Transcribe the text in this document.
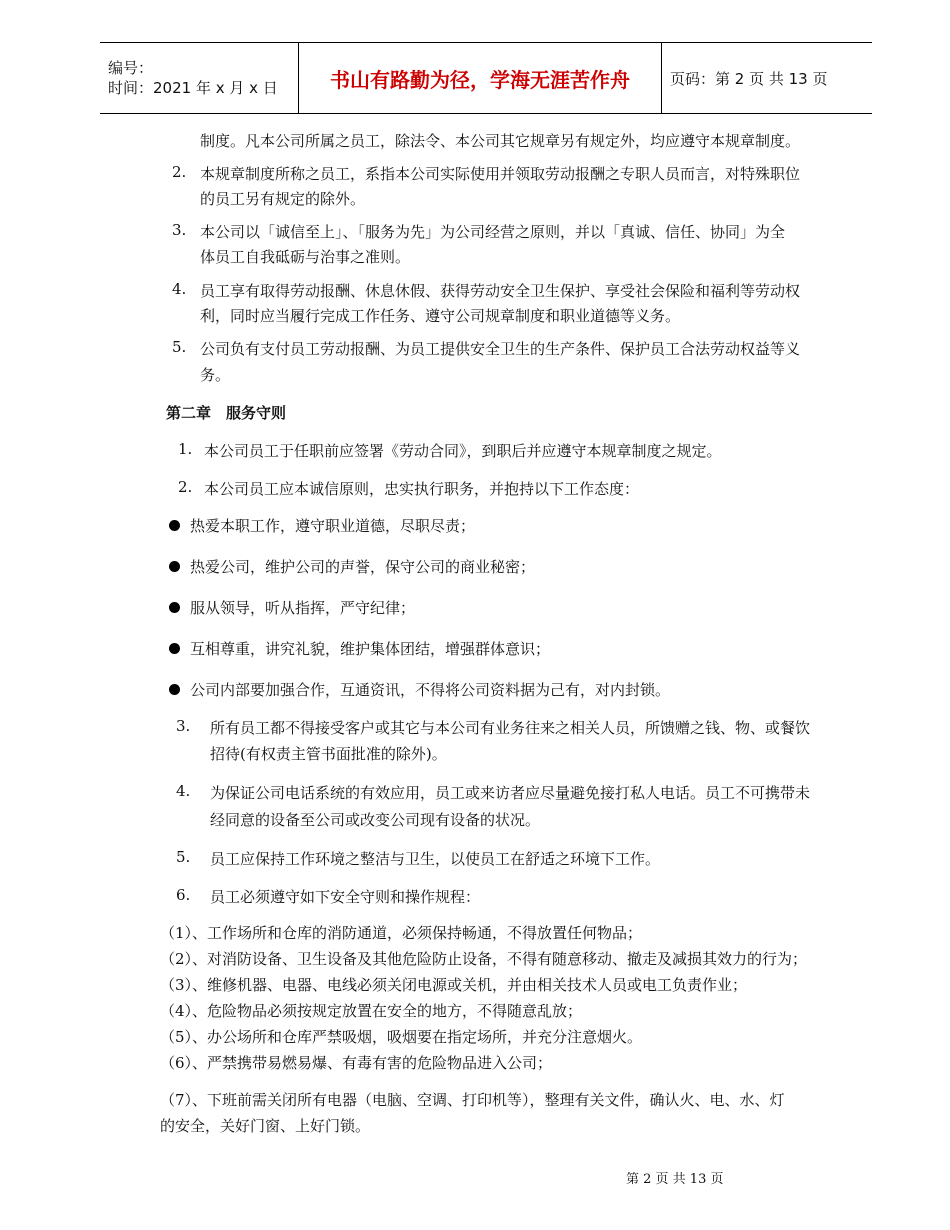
编号：
时间：2021 年 x 月 x 日	书山有路勤为径，学海无涯苦作舟	页码：第 2 页 共 13 页
制度。凡本公司所属之员工，除法令、本公司其它规章另有规定外，均应遵守本规章制度。
2. 本规章制度所称之员工，系指本公司实际使用并领取劳动报酬之专职人员而言，对特殊职位
的员工另有规定的除外。
3. 本公司以「诚信至上」、「服务为先」为公司经营之原则，并以「真诚、信任、协同」为全
体员工自我砥砺与治事之准则。
4. 员工享有取得劳动报酬、休息休假、获得劳动安全卫生保护、享受社会保险和福利等劳动权
利，同时应当履行完成工作任务、遵守公司规章制度和职业道德等义务。
5. 公司负有支付员工劳动报酬、为员工提供安全卫生的生产条件、保护员工合法劳动权益等义
务。
第二章　服务守则
1. 本公司员工于任职前应签署《劳动合同》，到职后并应遵守本规章制度之规定。
2. 本公司员工应本诚信原则，忠实执行职务，并抱持以下工作态度：
热爱本职工作，遵守职业道德，尽职尽责；
热爱公司，维护公司的声誉，保守公司的商业秘密；
服从领导，听从指挥，严守纪律；
互相尊重，讲究礼貌，维护集体团结，增强群体意识；
公司内部要加强合作，互通资讯，不得将公司资料据为己有，对内封锁。
3. 所有员工都不得接受客户或其它与本公司有业务往来之相关人员，所馈赠之钱、物、或餐饮
招待(有权责主管书面批准的除外)。
4. 为保证公司电话系统的有效应用，员工或来访者应尽量避免接打私人电话。员工不可携带未
经同意的设备至公司或改变公司现有设备的状况。
5. 员工应保持工作环境之整洁与卫生，以使员工在舒适之环境下工作。
6. 员工必须遵守如下安全守则和操作规程：
（1）、工作场所和仓库的消防通道，必须保持畅通，不得放置任何物品；
（2）、对消防设备、卫生设备及其他危险防止设备，不得有随意移动、撤走及减损其效力的行为；
（3）、维修机器、电器、电线必须关闭电源或关机，并由相关技术人员或电工负责作业；
（4）、危险物品必须按规定放置在安全的地方，不得随意乱放；
（5）、办公场所和仓库严禁吸烟，吸烟要在指定场所，并充分注意烟火。
（6）、严禁携带易燃易爆、有毒有害的危险物品进入公司；
（7）、下班前需关闭所有电器（电脑、空调、打印机等），整理有关文件，确认火、电、水、灯
的安全，关好门窗、上好门锁。
第 2 页 共 13 页
